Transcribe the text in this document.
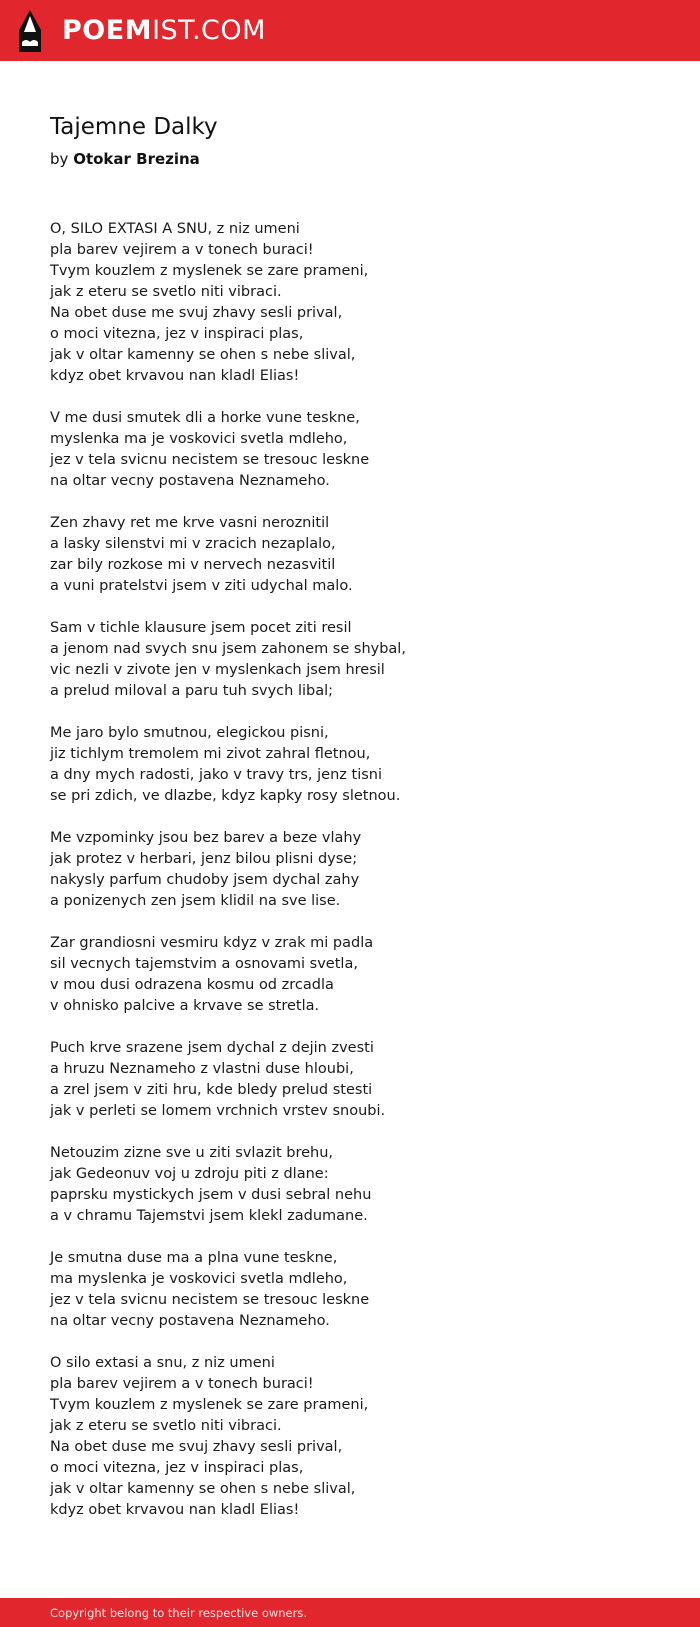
POEM IST.COM
Tajemne Dalky
by Otokar Brezina
O, SILO EXTASI A SNU, z niz umeni
pla barev vejirem a v tonech buraci!
Tvym kouzlem z myslenek se zare prameni,
jak z eteru se svetlo niti vibraci.
Na obet duse me svuj zhavy sesli prival,
o moci vitezna, jez v inspiraci plas,
jak v oltar kamenny se ohen s nebe slival,
kdyz obet krvavou nan kladl Elias!
V me dusi smutek dli a horke vune teskne,
myslenka ma je voskovici svetla mdleho,
jez v tela svicnu necistem se tresouc leskne
na oltar vecny postavena Neznameho.
Zen zhavy ret me krve vasni neroznitil
a lasky silenstvi mi v zracich nezaplalo,
zar bily rozkose mi v nervech nezasvitil
a vuni pratelstvi jsem v ziti udychal malo.
Sam v tichle klausure jsem pocet ziti resil
a jenom nad svych snu jsem zahonem se shybal,
vic nezli v zivote jen v myslenkach jsem hresil
a prelud miloval a paru tuh svych libal;
Me jaro bylo smutnou, elegickou pisni,
jiz tichlym tremolem mi zivot zahral fletnou,
a dny mych radosti, jako v travy trs, jenz tisni
se pri zdich, ve dlazbe, kdyz kapky rosy sletnou.
Me vzpominky jsou bez barev a beze vlahy
jak protez v herbari, jenz bilou plisni dyse;
nakysly parfum chudoby jsem dychal zahy
a ponizenych zen jsem klidil na sve lise.
Zar grandiosni vesmiru kdyz v zrak mi padla
sil vecnych tajemstvim a osnovami svetla,
v mou dusi odrazena kosmu od zrcadla
v ohnisko palcive a krvave se stretla.
Puch krve srazene jsem dychal z dejin zvesti
a hruzu Neznameho z vlastni duse hloubi,
a zrel jsem v ziti hru, kde bledy prelud stesti
jak v perleti se lomem vrchnich vrstev snoubi.
Netouzim zizne sve u ziti svlazit brehu,
jak Gedeonuv voj u zdroju piti z dlane:
paprsku mystickych jsem v dusi sebral nehu
a v chramu Tajemstvi jsem klekl zadumane.
Je smutna duse ma a plna vune teskne,
ma myslenka je voskovici svetla mdleho,
jez v tela svicnu necistem se tresouc leskne
na oltar vecny postavena Neznameho.
O silo extasi a snu, z niz umeni
pla barev vejirem a v tonech buraci!
Tvym kouzlem z myslenek se zare prameni,
jak z eteru se svetlo niti vibraci.
Na obet duse me svuj zhavy sesli prival,
o moci vitezna, jez v inspiraci plas,
jak v oltar kamenny se ohen s nebe slival,
kdyz obet krvavou nan kladl Elias!
Copyright belong to their respective owners.
